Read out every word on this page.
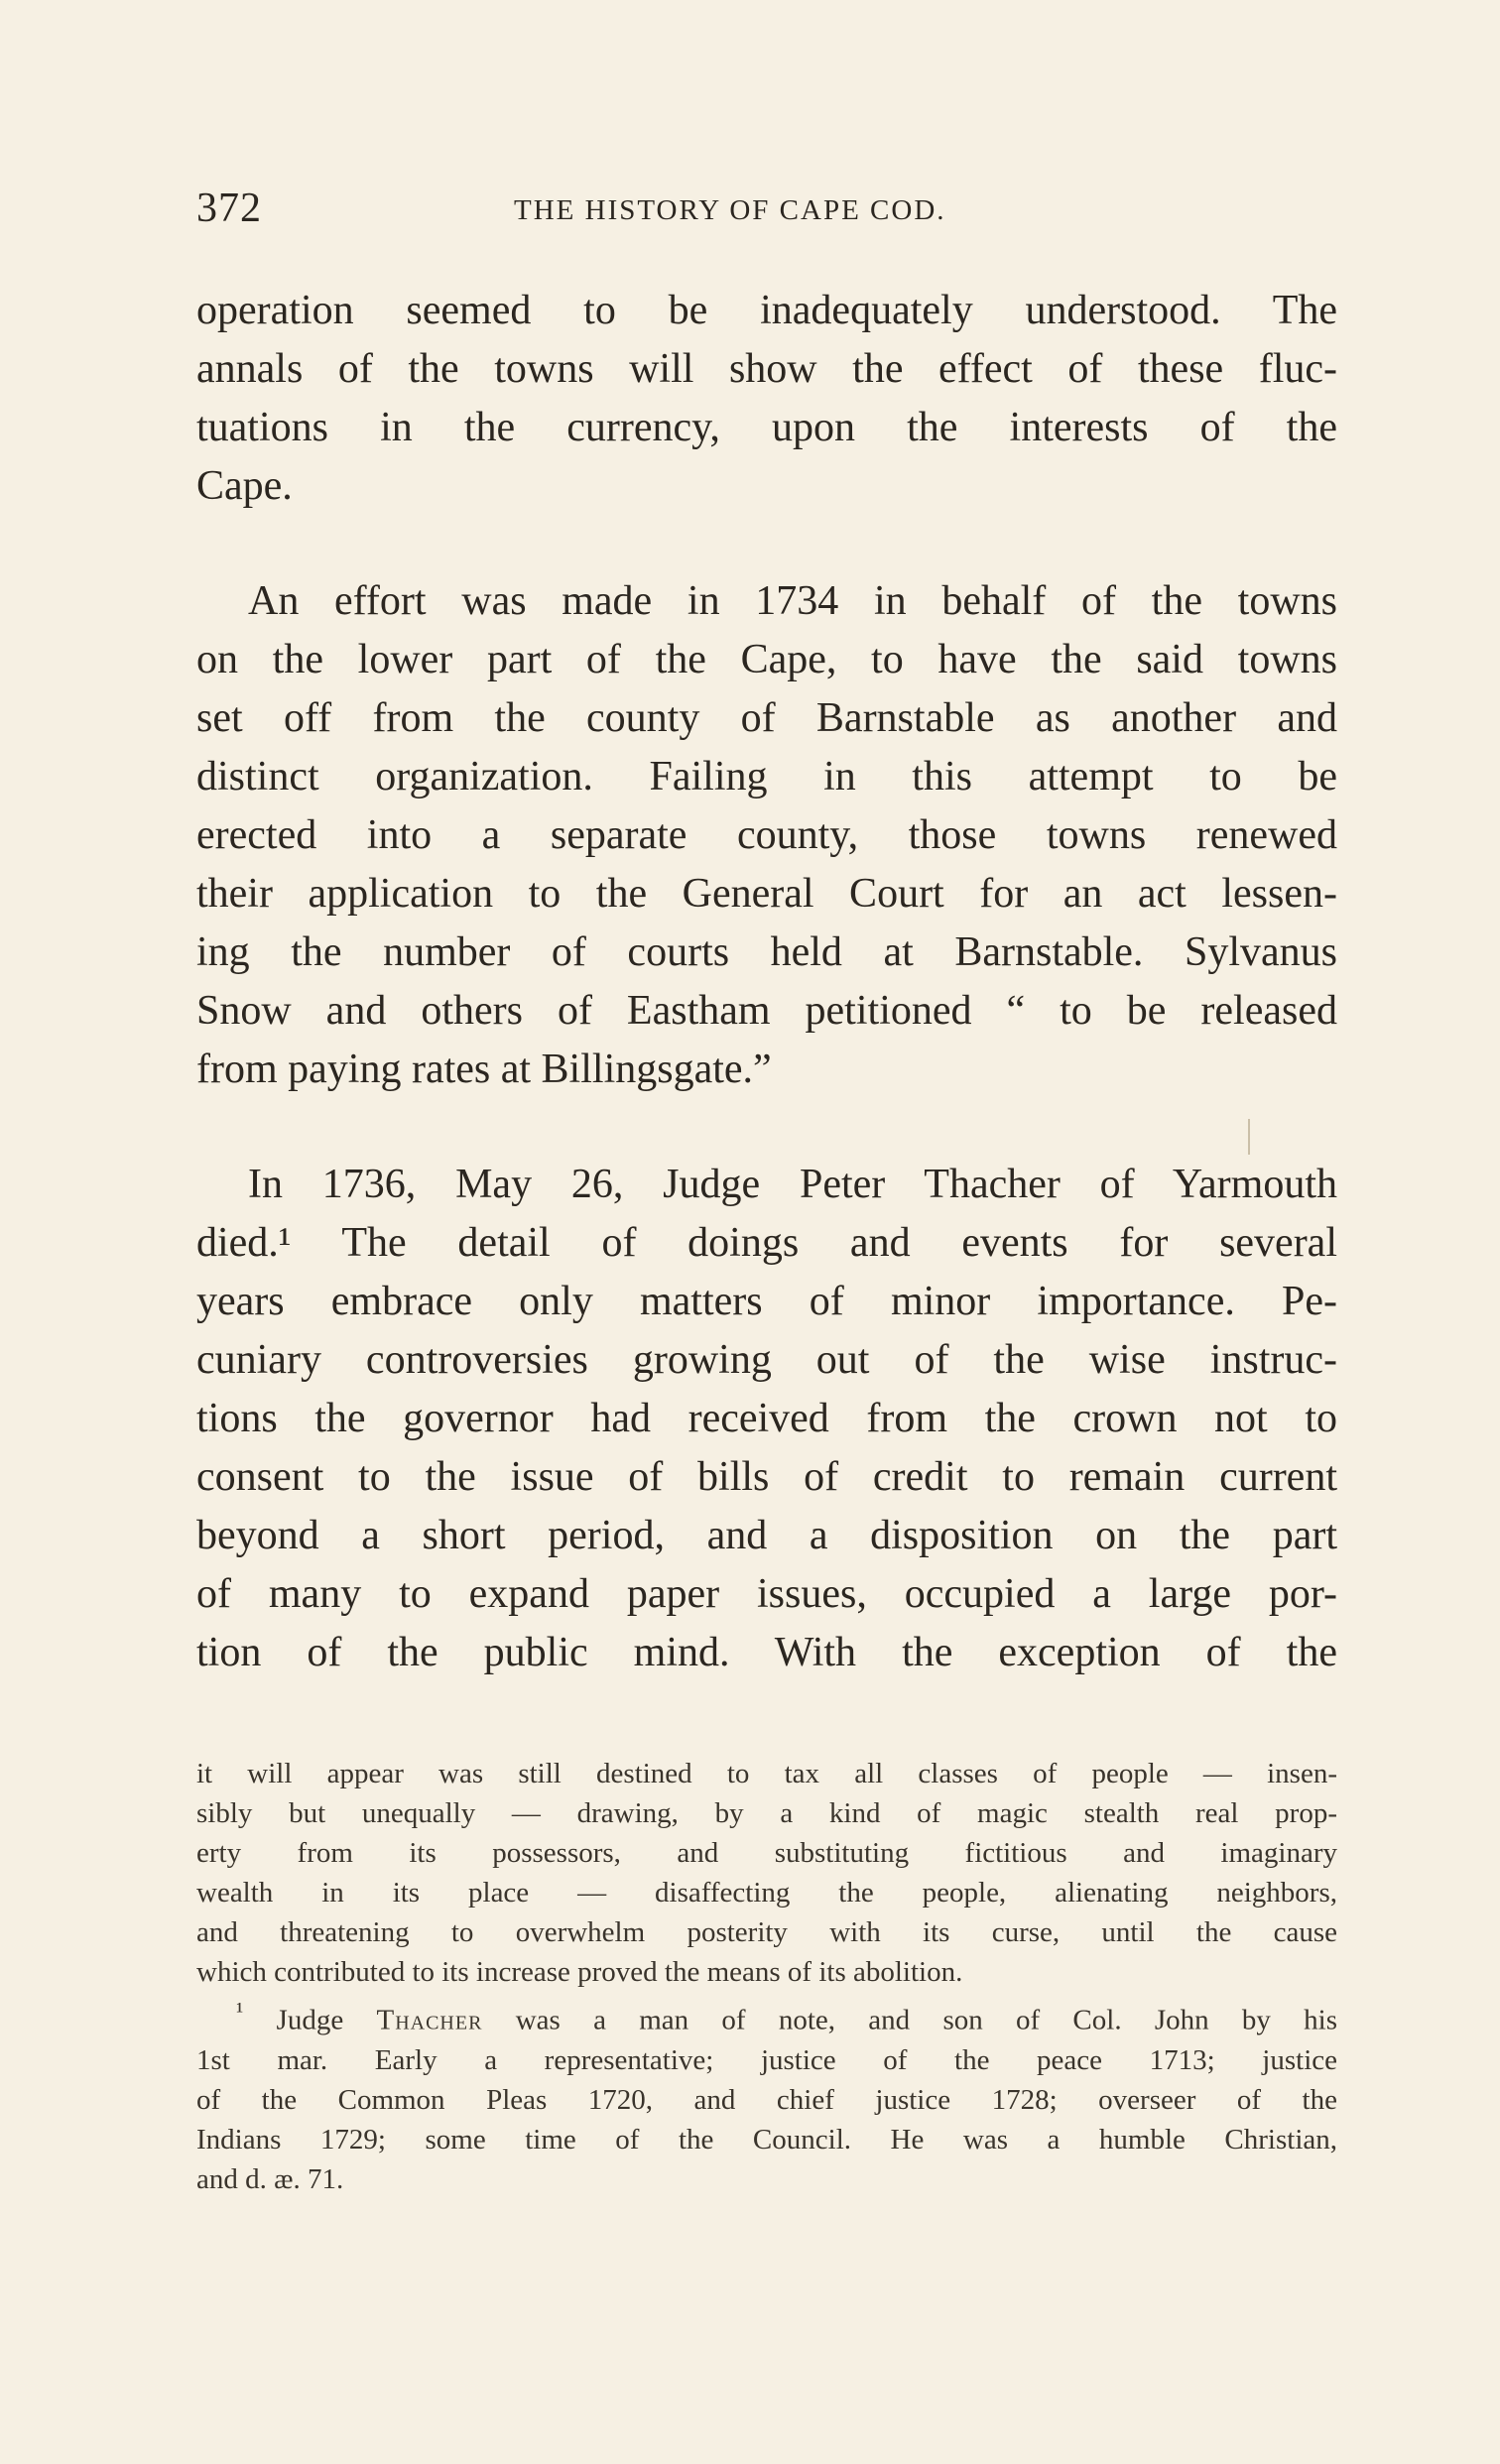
372	THE HISTORY OF CAPE COD.

operation seemed to be inadequately understood. The
annals of the towns will show the effect of these fluc-
tuations in the currency, upon the interests of the
Cape.

An effort was made in 1734 in behalf of the towns
on the lower part of the Cape, to have the said towns
set off from the county of Barnstable as another and
distinct organization. Failing in this attempt to be
erected into a separate county, those towns renewed
their application to the General Court for an act lessen-
ing the number of courts held at Barnstable. Sylvanus
Snow and others of Eastham petitioned “ to be released
from paying rates at Billingsgate.”

In 1736, May 26, Judge Peter Thacher of Yarmouth
died.¹ The detail of doings and events for several
years embrace only matters of minor importance. Pe-
cuniary controversies growing out of the wise instruc-
tions the governor had received from the crown not to
consent to the issue of bills of credit to remain current
beyond a short period, and a disposition on the part
of many to expand paper issues, occupied a large por-
tion of the public mind. With the exception of the

it will appear was still destined to tax all classes of people — insen-
sibly but unequally — drawing, by a kind of magic stealth real prop-
erty from its possessors, and substituting fictitious and imaginary
wealth in its place — disaffecting the people, alienating neighbors,
and threatening to overwhelm posterity with its curse, until the cause
which contributed to its increase proved the means of its abolition.
$^{^1}$ Judge Thacher was a man of note, and son of Col. John by his
1st mar. Early a representative; justice of the peace 1713; justice
of the Common Pleas 1720, and chief justice 1728; overseer of the
Indians 1729; some time of the Council. He was a humble Christian,
and d. æ. 71.
